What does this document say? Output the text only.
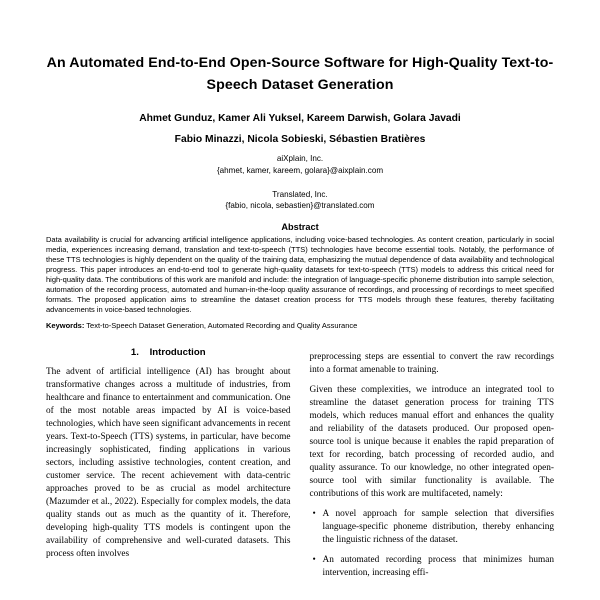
An Automated End-to-End Open-Source Software for High-Quality Text-to-Speech Dataset Generation
Ahmet Gunduz, Kamer Ali Yuksel, Kareem Darwish, Golara Javadi
Fabio Minazzi, Nicola Sobieski, Sébastien Bratières
aiXplain, Inc.
{ahmet, kamer, kareem, golara}@aixplain.com
Translated, Inc.
{fabio, nicola, sebastien}@translated.com
Abstract
Data availability is crucial for advancing artificial intelligence applications, including voice-based technologies. As content creation, particularly in social media, experiences increasing demand, translation and text-to-speech (TTS) technologies have become essential tools. Notably, the performance of these TTS technologies is highly dependent on the quality of the training data, emphasizing the mutual dependence of data availability and technological progress. This paper introduces an end-to-end tool to generate high-quality datasets for text-to-speech (TTS) models to address this critical need for high-quality data. The contributions of this work are manifold and include: the integration of language-specific phoneme distribution into sample selection, automation of the recording process, automated and human-in-the-loop quality assurance of recordings, and processing of recordings to meet specified formats. The proposed application aims to streamline the dataset creation process for TTS models through these features, thereby facilitating advancements in voice-based technologies.
Keywords: Text-to-Speech Dataset Generation, Automated Recording and Quality Assurance
1. Introduction

The advent of artificial intelligence (AI) has brought about transformative changes across a multitude of industries, from healthcare and finance to entertainment and communication. One of the most notable areas impacted by AI is voice-based technologies, which have seen significant advancements in recent years. Text-to-Speech (TTS) systems, in particular, have become increasingly sophisticated, finding applications in various sectors, including assistive technologies, content creation, and customer service. The recent achievement with data-centric approaches proved to be as crucial as model architecture (Mazumder et al., 2022). Especially for complex models, the data quality stands out as much as the quantity of it. Therefore, developing high-quality TTS models is contingent upon the availability of comprehensive and well-curated datasets. This process often involves

preprocessing steps are essential to convert the raw recordings into a format amenable to training.

Given these complexities, we introduce an integrated tool to streamline the dataset generation process for training TTS models, which reduces manual effort and enhances the quality and reliability of the datasets produced. Our proposed open-source tool is unique because it enables the rapid preparation of text for recording, batch processing of recorded audio, and quality assurance. To our knowledge, no other integrated open-source tool with similar functionality is available. The contributions of this work are multifaceted, namely:

• A novel approach for sample selection that diversifies language-specific phoneme distribution, thereby enhancing the linguistic richness of the dataset.
• An automated recording process that minimizes human intervention, increasing effi-
